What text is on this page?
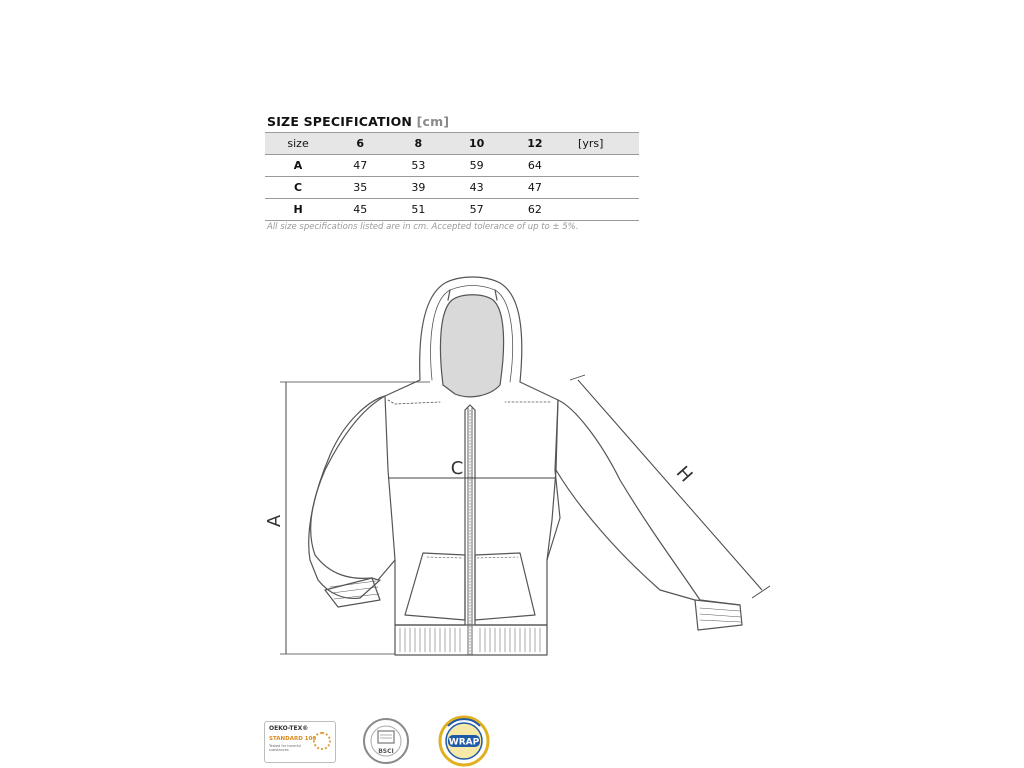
SIZE SPECIFICATION [cm]
size	6	8	10	12	[yrs]
A	47	53	59	64	
C	35	39	43	47	
H	45	51	57	62	
All size specifications listed are in cm. Accepted tolerance of up to ± 5%.
A
C	H
OEKO-TEX®
STANDARD 100
Tested for harmful substances	BSCI
WRAP
